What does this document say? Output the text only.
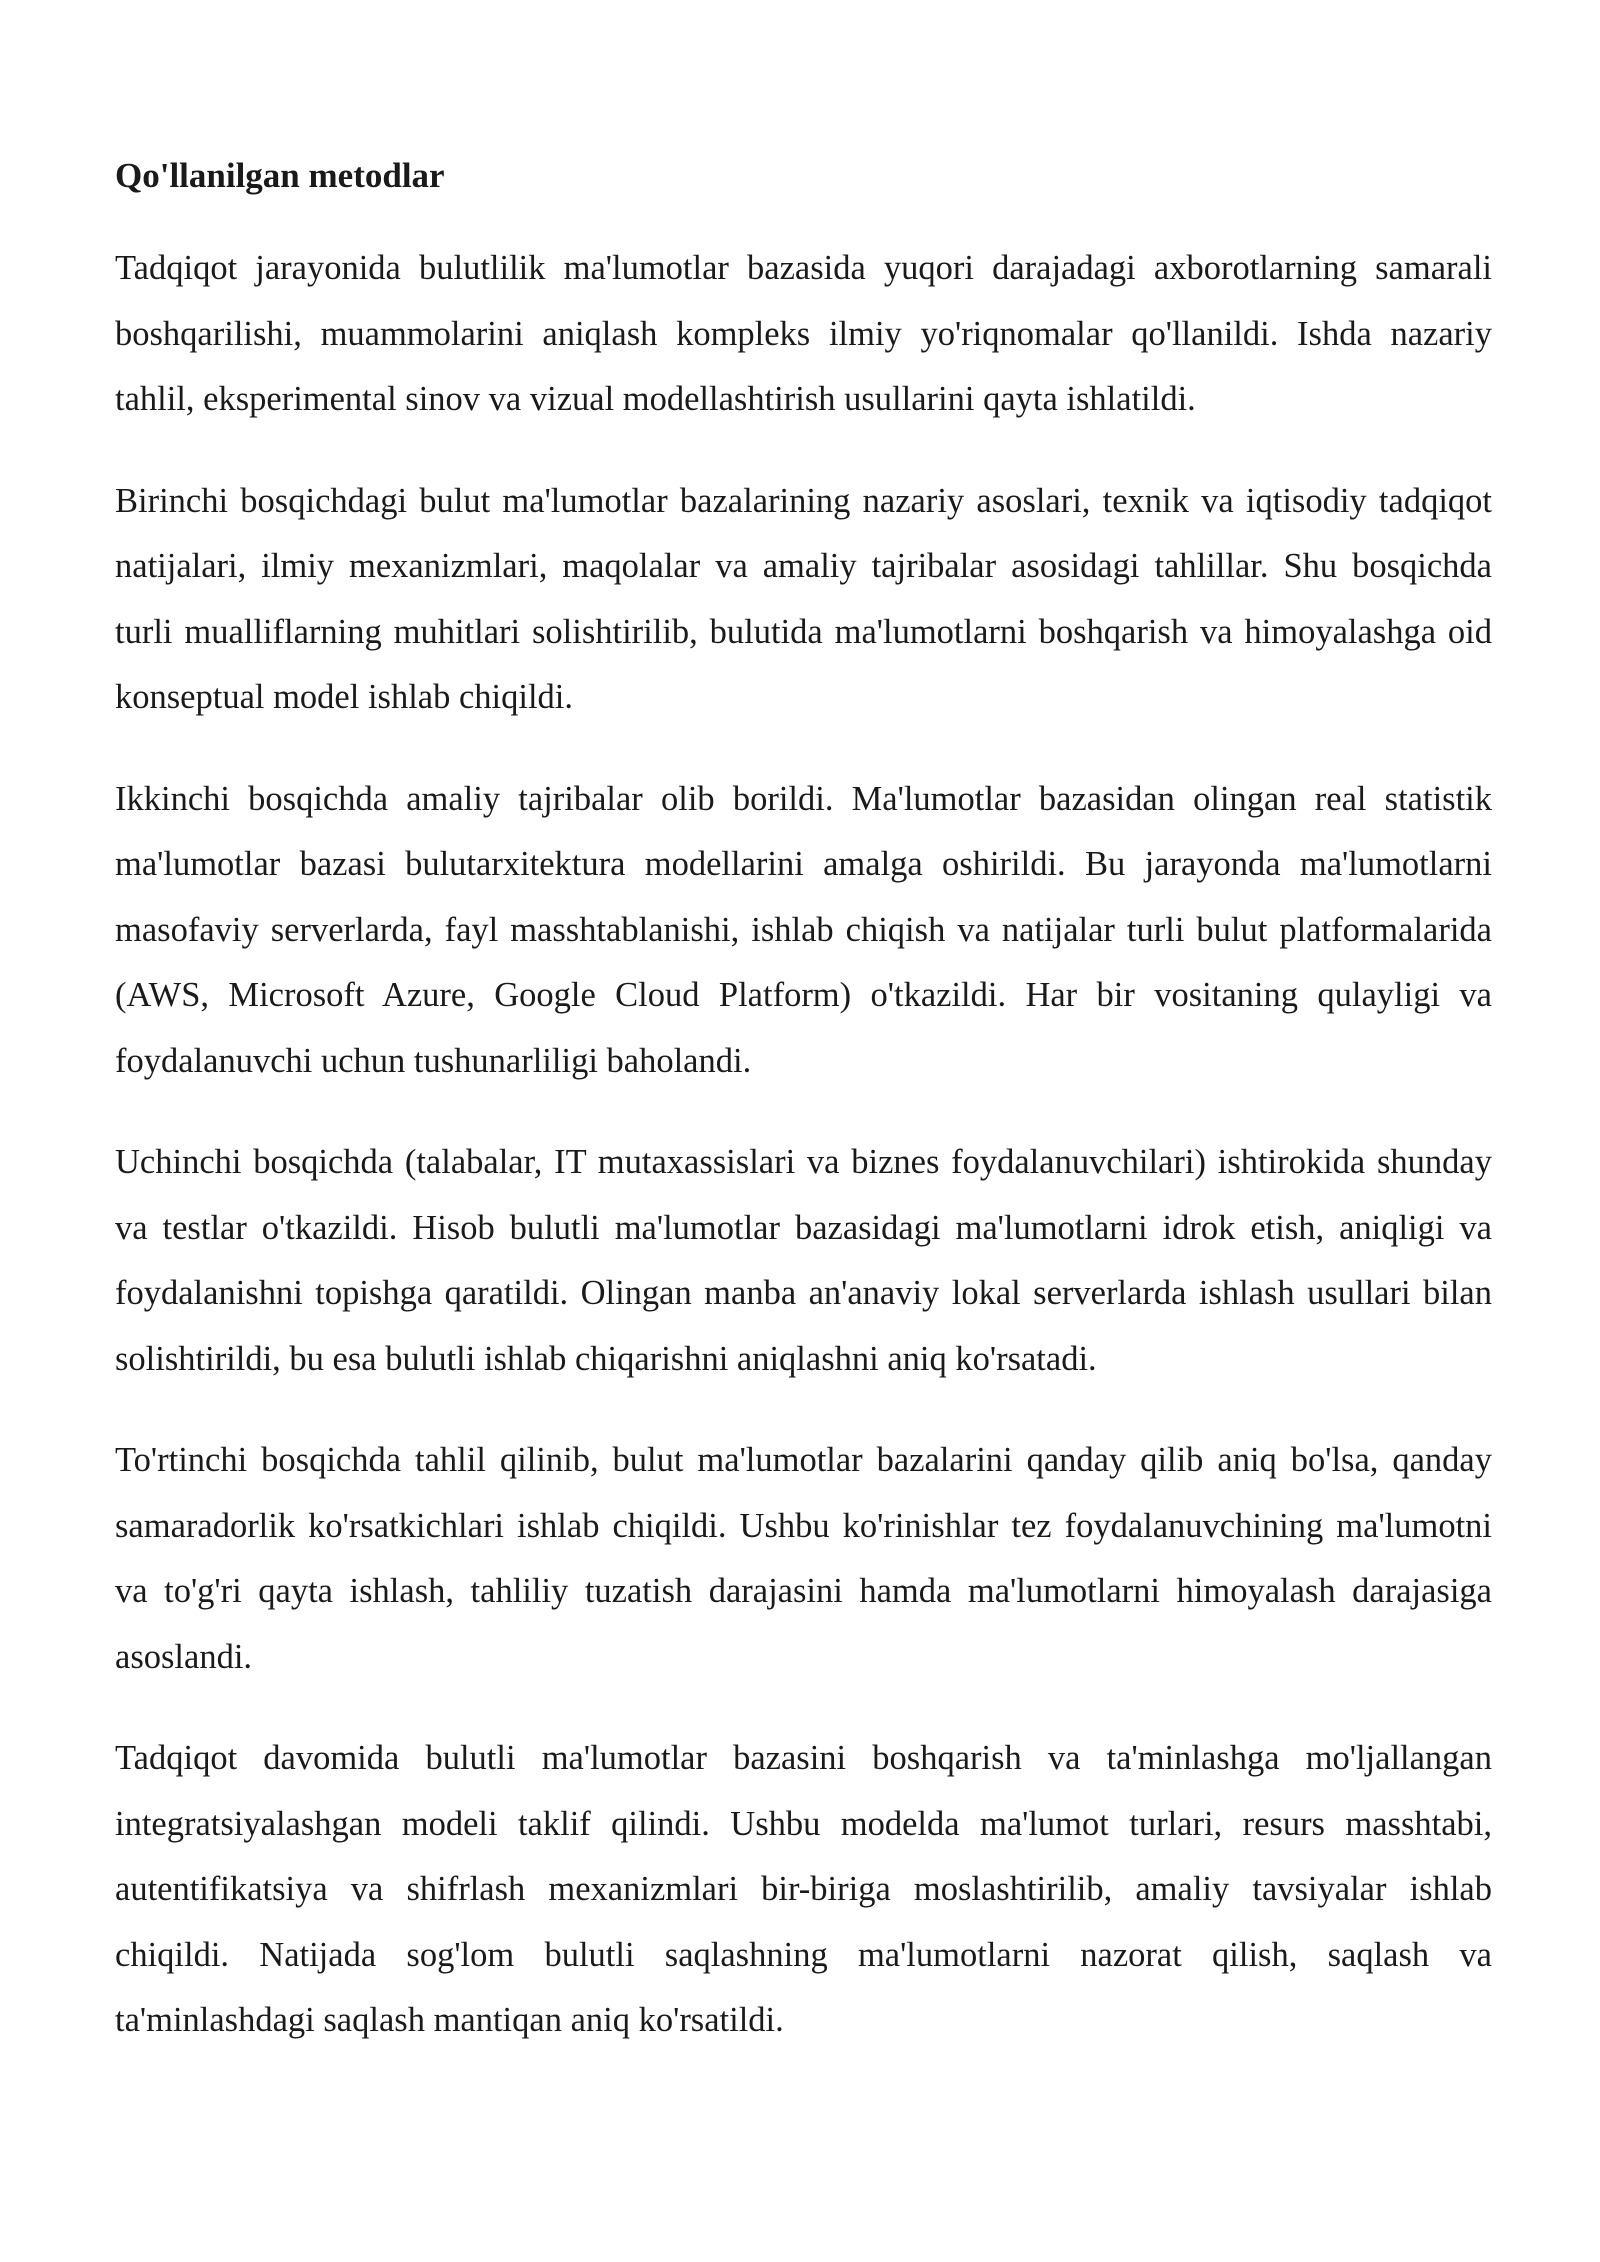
Qo'llanilgan metodlar

Tadqiqot jarayonida bulutlilik ma'lumotlar bazasida yuqori darajadagi axborotlarning samarali boshqarilishi, muammolarini aniqlash kompleks ilmiy yo'riqnomalar qo'llanildi. Ishda nazariy tahlil, eksperimental sinov va vizual modellashtirish usullarini qayta ishlatildi.

Birinchi bosqichdagi bulut ma'lumotlar bazalarining nazariy asoslari, texnik va iqtisodiy tadqiqot natijalari, ilmiy mexanizmlari, maqolalar va amaliy tajribalar asosidagi tahlillar. Shu bosqichda turli mualliflarning muhitlari solishtirilib, bulutida ma'lumotlarni boshqarish va himoyalashga oid konseptual model ishlab chiqildi.

Ikkinchi bosqichda amaliy tajribalar olib borildi. Ma'lumotlar bazasidan olingan real statistik ma'lumotlar bazasi bulutarxitektura modellarini amalga oshirildi. Bu jarayonda ma'lumotlarni masofaviy serverlarda, fayl masshtablanishi, ishlab chiqish va natijalar turli bulut platformalarida (AWS, Microsoft Azure, Google Cloud Platform) o'tkazildi. Har bir vositaning qulayligi va foydalanuvchi uchun tushunarliligi baholandi.

Uchinchi bosqichda (talabalar, IT mutaxassislari va biznes foydalanuvchilari) ishtirokida shunday va testlar o'tkazildi. Hisob bulutli ma'lumotlar bazasidagi ma'lumotlarni idrok etish, aniqligi va foydalanishni topishga qaratildi. Olingan manba an'anaviy lokal serverlarda ishlash usullari bilan solishtirildi, bu esa bulutli ishlab chiqarishni aniqlashni aniq ko'rsatadi.

To'rtinchi bosqichda tahlil qilinib, bulut ma'lumotlar bazalarini qanday qilib aniq bo'lsa, qanday samaradorlik ko'rsatkichlari ishlab chiqildi. Ushbu ko'rinishlar tez foydalanuvchining ma'lumotni va to'g'ri qayta ishlash, tahliliy tuzatish darajasini hamda ma'lumotlarni himoyalash darajasiga asoslandi.

Tadqiqot davomida bulutli ma'lumotlar bazasini boshqarish va ta'minlashga mo'ljallangan integratsiyalashgan modeli taklif qilindi. Ushbu modelda ma'lumot turlari, resurs masshtabi, autentifikatsiya va shifrlash mexanizmlari bir-biriga moslashtirilib, amaliy tavsiyalar ishlab chiqildi. Natijada sog'lom bulutli saqlashning ma'lumotlarni nazorat qilish, saqlash va ta'minlashdagi saqlash mantiqan aniq ko'rsatildi.
